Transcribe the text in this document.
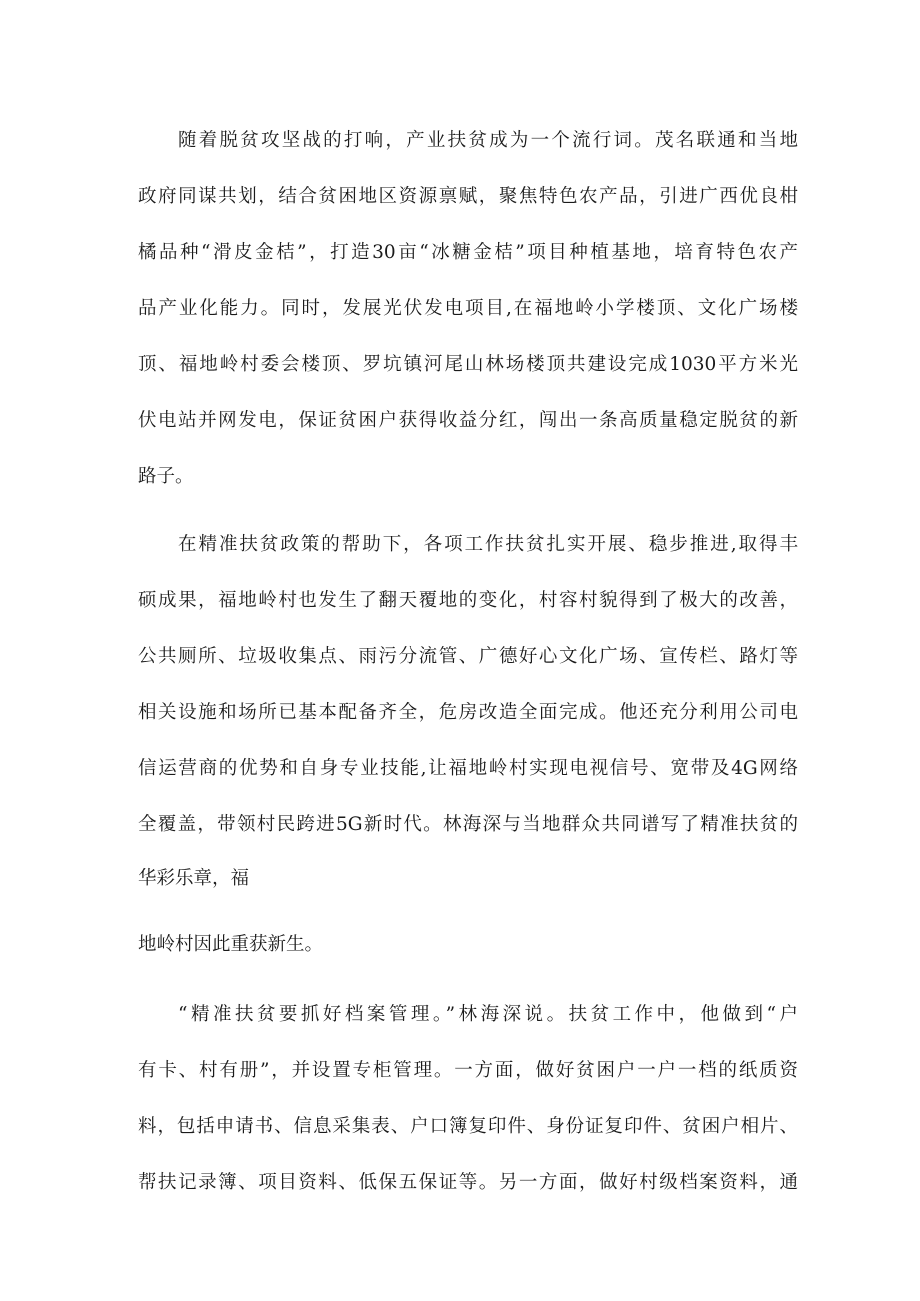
随着脱贫攻坚战的打响，产业扶贫成为一个流行词。茂名联通和当地
政府同谋共划，结合贫困地区资源禀赋，聚焦特色农产品，引进广西优良柑
橘品种“滑皮金桔”，打造30亩“冰糖金桔”项目种植基地，培育特色农产
品产业化能力。同时，发展光伏发电项目,在福地岭小学楼顶、文化广场楼
顶、福地岭村委会楼顶、罗坑镇河尾山林场楼顶共建设完成1030平方米光
伏电站并网发电，保证贫困户获得收益分红，闯出一条高质量稳定脱贫的新
路子。
在精准扶贫政策的帮助下，各项工作扶贫扎实开展、稳步推进,取得丰
硕成果，福地岭村也发生了翻天覆地的变化，村容村貌得到了极大的改善，
公共厕所、垃圾收集点、雨污分流管、广德好心文化广场、宣传栏、路灯等
相关设施和场所已基本配备齐全，危房改造全面完成。他还充分利用公司电
信运营商的优势和自身专业技能,让福地岭村实现电视信号、宽带及4G网络
全覆盖，带领村民跨进5G新时代。林海深与当地群众共同谱写了精准扶贫的
华彩乐章，福
地岭村因此重获新生。
“精准扶贫要抓好档案管理。”林海深说。扶贫工作中，他做到“户
有卡、村有册”，并设置专柜管理。一方面，做好贫困户一户一档的纸质资
料，包括申请书、信息采集表、户口簿复印件、身份证复印件、贫困户相片、
帮扶记录簿、项目资料、低保五保证等。另一方面，做好村级档案资料，通
